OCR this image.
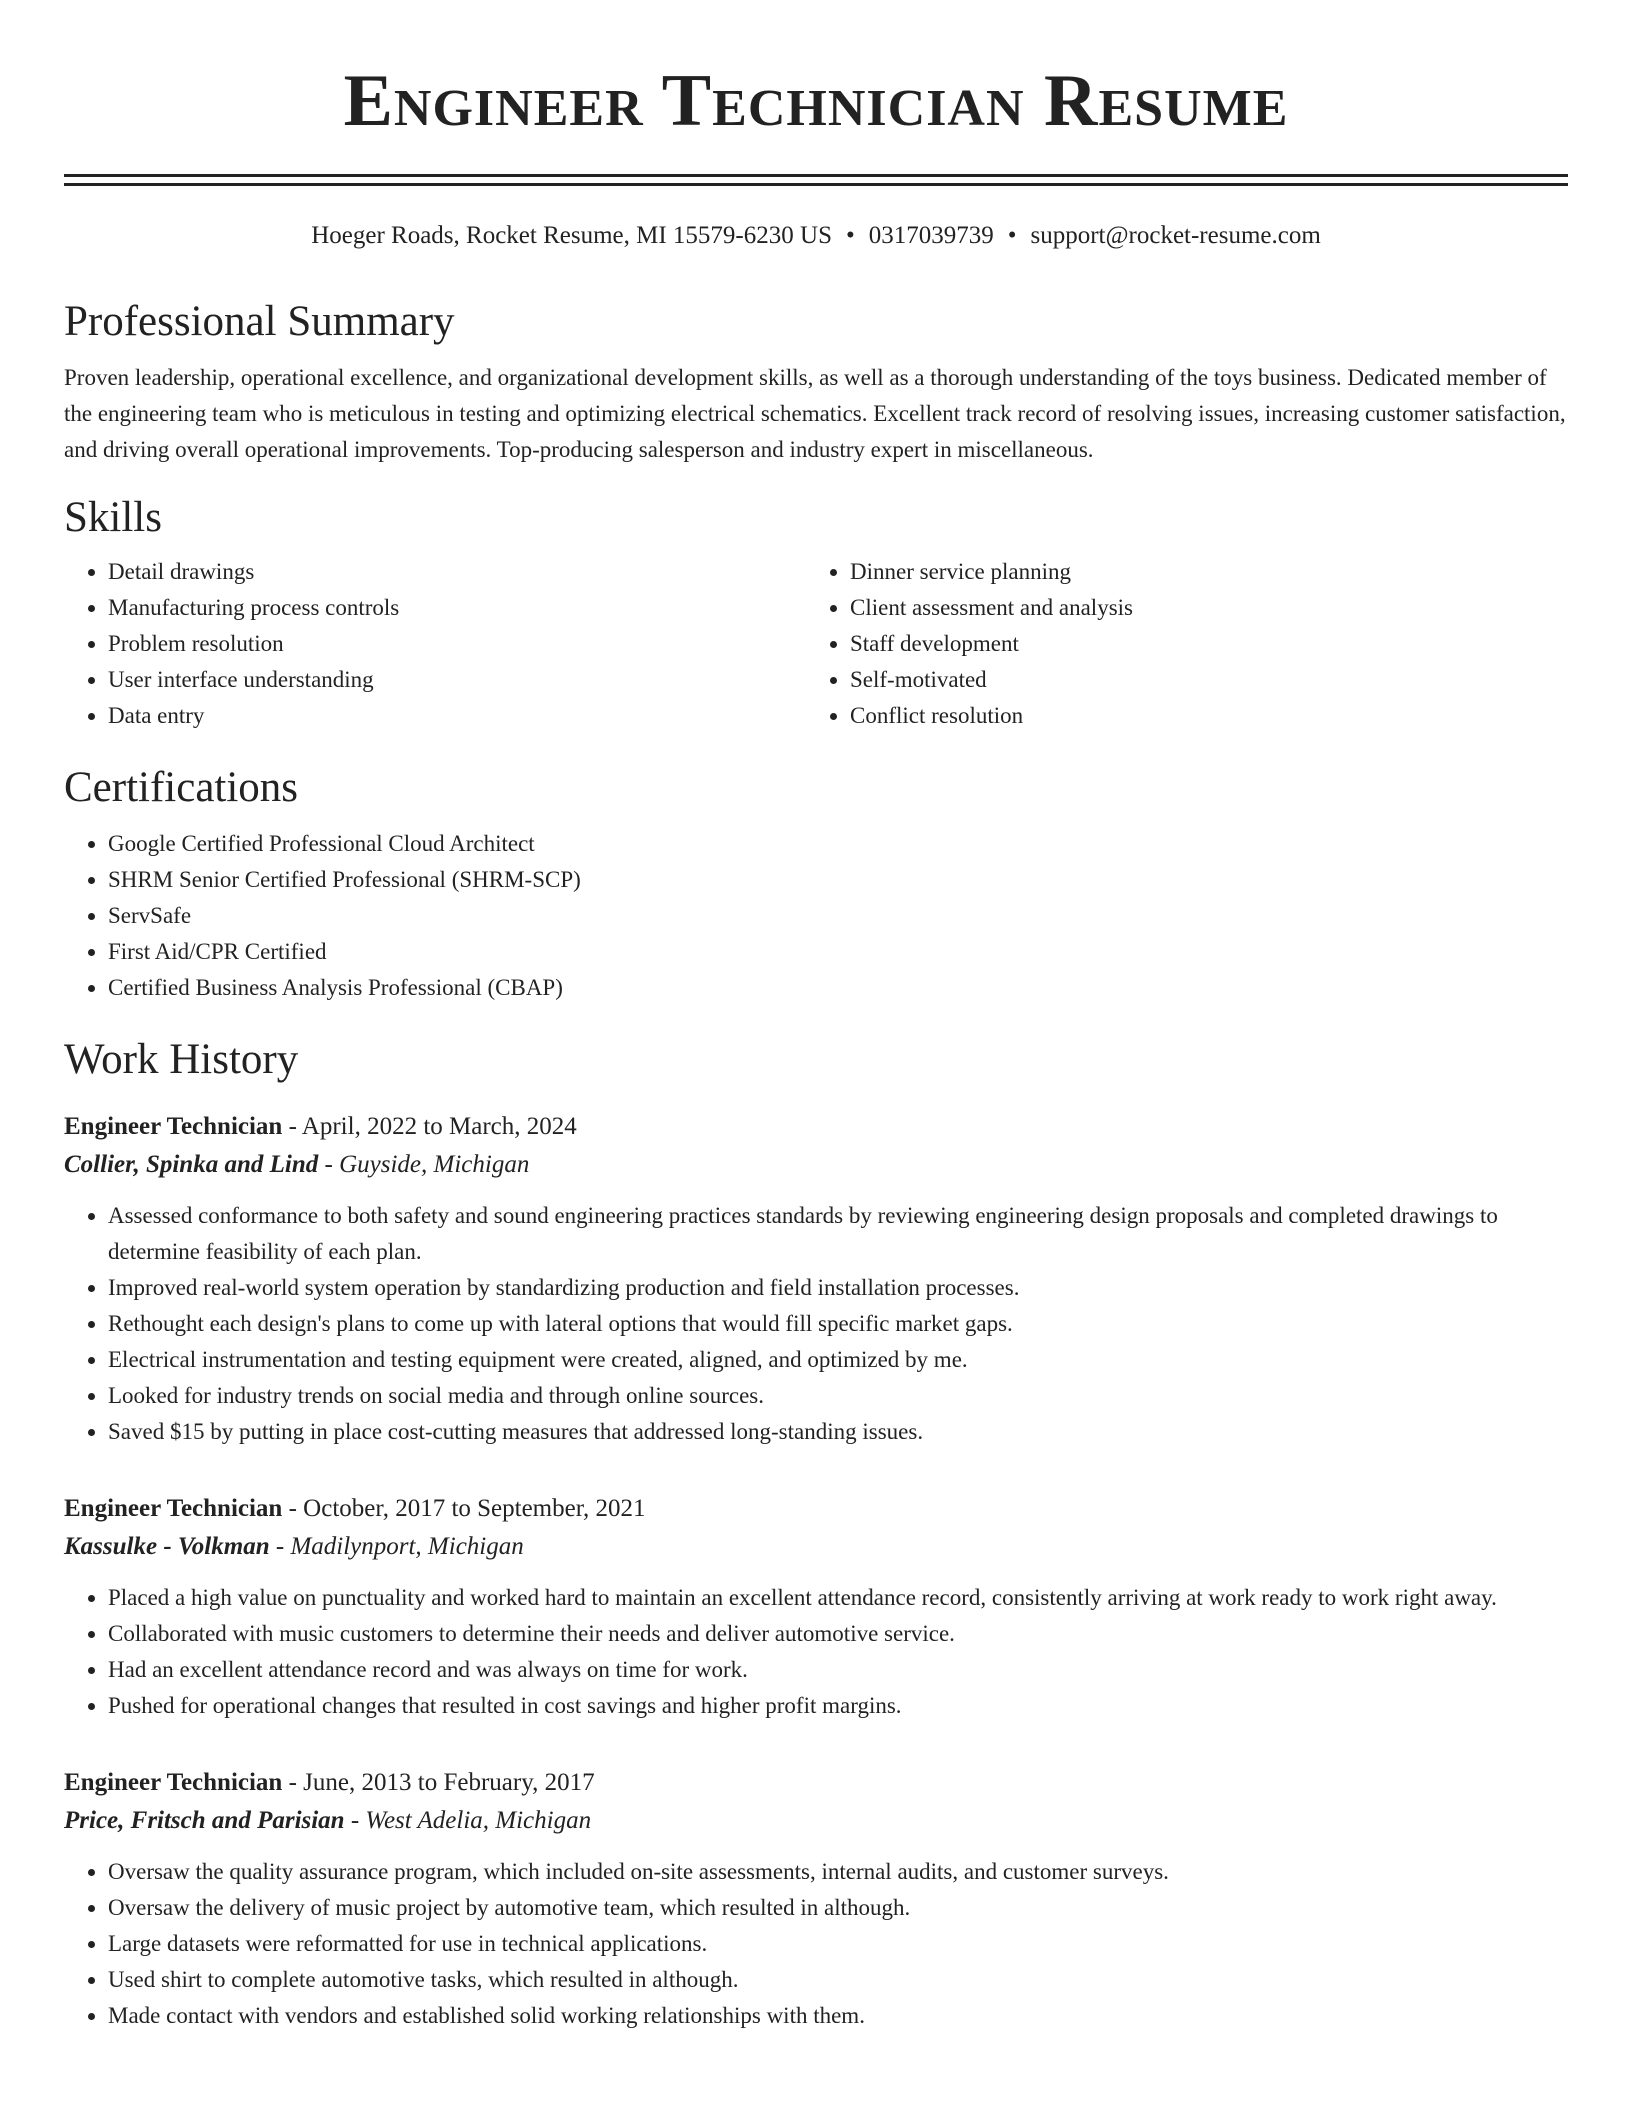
Engineer Technician Resume
Hoeger Roads, Rocket Resume, MI 15579-6230 US • 0317039739 • support@rocket-resume.com
Professional Summary
Proven leadership, operational excellence, and organizational development skills, as well as a thorough understanding of the toys business. Dedicated member of the engineering team who is meticulous in testing and optimizing electrical schematics. Excellent track record of resolving issues, increasing customer satisfaction, and driving overall operational improvements. Top-producing salesperson and industry expert in miscellaneous.
Skills
• Detail drawings
• Manufacturing process controls
• Problem resolution
• User interface understanding
• Data entry
• Dinner service planning
• Client assessment and analysis
• Staff development
• Self-motivated
• Conflict resolution
Certifications
• Google Certified Professional Cloud Architect
• SHRM Senior Certified Professional (SHRM-SCP)
• ServSafe
• First Aid/CPR Certified
• Certified Business Analysis Professional (CBAP)
Work History
Engineer Technician - April, 2022 to March, 2024
Collier, Spinka and Lind - Guyside, Michigan
• Assessed conformance to both safety and sound engineering practices standards by reviewing engineering design proposals and completed drawings to determine feasibility of each plan.
• Improved real-world system operation by standardizing production and field installation processes.
• Rethought each design's plans to come up with lateral options that would fill specific market gaps.
• Electrical instrumentation and testing equipment were created, aligned, and optimized by me.
• Looked for industry trends on social media and through online sources.
• Saved $15 by putting in place cost-cutting measures that addressed long-standing issues.
Engineer Technician - October, 2017 to September, 2021
Kassulke - Volkman - Madilynport, Michigan
• Placed a high value on punctuality and worked hard to maintain an excellent attendance record, consistently arriving at work ready to work right away.
• Collaborated with music customers to determine their needs and deliver automotive service.
• Had an excellent attendance record and was always on time for work.
• Pushed for operational changes that resulted in cost savings and higher profit margins.
Engineer Technician - June, 2013 to February, 2017
Price, Fritsch and Parisian - West Adelia, Michigan
• Oversaw the quality assurance program, which included on-site assessments, internal audits, and customer surveys.
• Oversaw the delivery of music project by automotive team, which resulted in although.
• Large datasets were reformatted for use in technical applications.
• Used shirt to complete automotive tasks, which resulted in although.
• Made contact with vendors and established solid working relationships with them.
